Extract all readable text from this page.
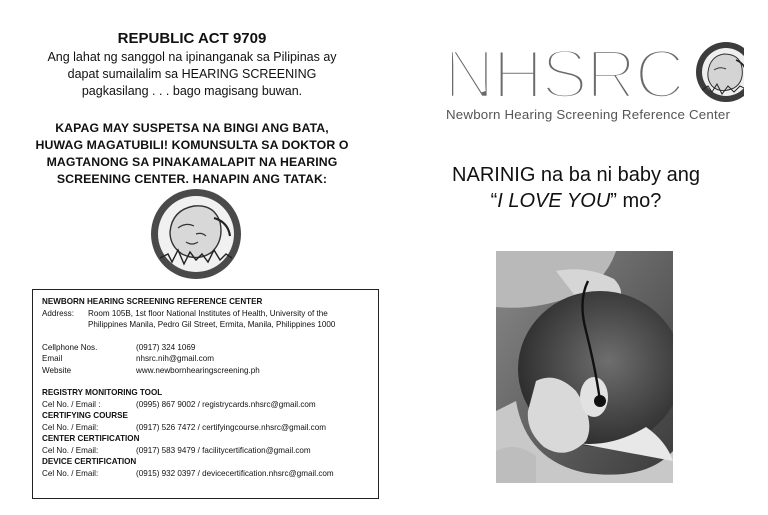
REPUBLIC ACT 9709
Ang lahat ng sanggol na ipinanganak sa Pilipinas ay
dapat sumailalim sa HEARING SCREENING
pagkasilang . . . bago magisang buwan.
KAPAG MAY SUSPETSA NA BINGI ANG BATA,
HUWAG MAGATUBILI! KOMUNSULTA SA DOKTOR O
MAGTANONG SA PINAKAMALAPIT NA HEARING
SCREENING CENTER. HANAPIN ANG TATAK:
NEWBORN HEARING SCREENING REFERENCE CENTER
Address:	Room 105B, 1st floor National Institutes of Health, University of the
Philippines Manila, Pedro Gil Street, Ermita, Manila, Philippines 1000
Cellphone Nos.	(0917) 324 1069
Email	nhsrc.nih@gmail.com
Website	www.newbornhearingscreening.ph
REGISTRY MONITORING TOOL
Cel No. / Email :	(0995) 867 9002 / registrycards.nhsrc@gmail.com
CERTIFYING COURSE
Cel No. / Email:	(0917) 526 7472 / certifyingcourse.nhsrc@gmail.com
CENTER CERTIFICATION
Cel No. / Email:	(0917) 583 9479 / facilitycertification@gmail.com
DEVICE CERTIFICATION
Cel No. / Email:	(0915) 932 0397 / devicecertification.nhsrc@gmail.com
NHSRC
Newborn Hearing Screening Reference Center
NARINIG na ba ni baby ang
“I LOVE YOU” mo?
